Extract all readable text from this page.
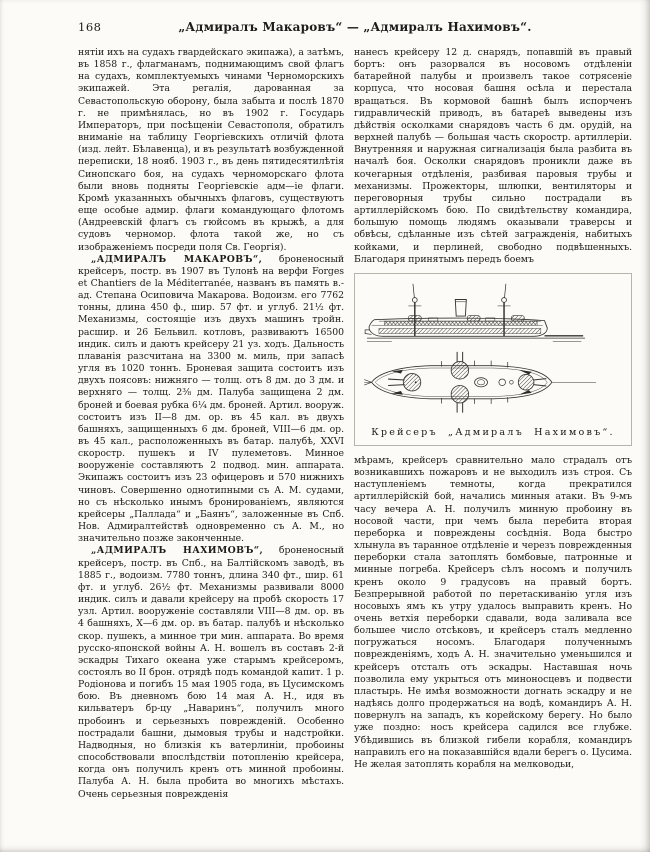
168	„Адмиралъ Макаровъ“ — „Адмиралъ Нахимовъ“.

нятіи ихъ на судахъ гвардейскаго экипажа), а затѣмъ, въ 1858 г., флагманамъ, поднимающимъ свой флагъ на судахъ, комплектуемыхъ чинами Черноморскихъ экипажей. Эта регалія, дарованная за Севастопольскую оборону, была забыта и послѣ 1870 г. не примѣнялась, но въ 1902 г. Государь Императоръ, при посѣщеніи Севастополя, обратилъ вниманіе на таблицу Георгіевскихъ отличій флота (изд. лейт. Бѣлавенца), и въ результатѣ возбужденной переписки, 18 нояб. 1903 г., въ день пятидесятилѣтія Синопскаго боя, на судахъ черноморскаго флота были вновь подняты Георгіевскіе адм—іе флаги. Кромѣ указанныхъ обычныхъ флаговъ, существуютъ еще особые адмир. флаги командующаго флотомъ (Андреевскій флагъ съ гюйсомъ въ крыжѣ, а для судовъ черномор. флота такой же, но съ изображеніемъ посреди поля Св. Георгія).

„АДМИРАЛЪ МАКАРОВЪ“, броненосный крейсеръ, постр. въ 1907 въ Тулонѣ на верфи Forges et Chantiers de la Méditerranée, названъ въ память в.-ад. Степана Осиповича Макарова. Водоизм. его 7762 тонны, длина 450 ф., шир. 57 фт. и углуб. 21½ фт. Механизмы, состоящіе изъ двухъ машинъ тройн. расшир. и 26 Бельвил. котловъ, развиваютъ 16500 индик. силъ и даютъ крейсеру 21 уз. ходъ. Дальность плаванія разсчитана на 3300 м. миль, при запасѣ угля въ 1020 тоннъ. Броневая защита состоитъ изъ двухъ поясовъ: нижняго — толщ. отъ 8 дм. до 3 дм. и верхняго — толщ. 2⅜ дм. Палуба защищена 2 дм. броней и боевая рубка 6¼ дм. броней. Артил. вооруж. состоитъ изъ II—8 дм. ор. въ 45 кал. въ двухъ башняхъ, защищенныхъ 6 дм. броней, VIII—6 дм. ор. въ 45 кал., расположенныхъ въ батар. палубѣ, XXVI скоростр. пушекъ и IV пулеметовъ. Минное вооруженіе составляютъ 2 подвод. мин. аппарата. Экипажъ состоитъ изъ 23 офицеровъ и 570 нижнихъ чиновъ. Совершенно однотипными съ А. М. судами, но съ нѣсколько инымъ бронированіемъ, являются крейсеры „Паллада“ и „Баянъ“, заложенные въ Спб. Нов. Адмиралтействѣ одновременно съ А. М., но значительно позже законченные.

„АДМИРАЛЪ НАХИМОВЪ“, броненосный крейсеръ, постр. въ Спб., на Балтійскомъ заводѣ, въ 1885 г., водоизм. 7780 тоннъ, длина 340 фт., шир. 61 фт. и углуб. 26½ фт. Механизмы развивали 8000 индик. силъ и давали крейсеру на пробѣ скорость 17 узл. Артил. вооруженіе составляли VIII—8 дм. ор. въ 4 башняхъ, X—6 дм. ор. въ батар. палубѣ и нѣсколько скор. пушекъ, а минное три мин. аппарата. Во время русско-японской войны А. Н. вошелъ въ составъ 2-й эскадры Тихаго океана уже старымъ крейсеромъ, состоялъ во II брон. отрядѣ подъ командой капит. 1 р. Родіонова и погибъ 15 мая 1905 года, въ Цусимскомъ бою. Въ дневномъ бою 14 мая А. Н., идя въ кильватеръ бр-цу „Наваринъ“, получилъ много пробоинъ и серьезныхъ поврежденій. Особенно пострадали башни, дымовыя трубы и надстройки. Надводныя, но близкія къ ватерлиніи, пробоины способствовали впослѣдствіи потопленію крейсера, когда онъ получилъ кренъ отъ минной пробоины. Палуба А. Н. была пробита во многихъ мѣстахъ. Очень серьезныя поврежденія

нанесъ крейсеру 12 д. снарядъ, попавшій въ правый бортъ: онъ разорвался въ носовомъ отдѣленіи батарейной палубы и произвелъ такое сотрясеніе корпуса, что носовая башня осѣла и перестала вращаться. Въ кормовой башнѣ былъ испорченъ гидравлическій приводъ, въ батареѣ выведены изъ дѣйствія осколками снарядовъ часть 6 дм. орудій, на верхней палубѣ — большая часть скоростр. артиллеріи. Внутренняя и наружная сигнализація была разбита въ началѣ боя. Осколки снарядовъ проникли даже въ кочегарныя отдѣленія, разбивая паровыя трубы и механизмы. Прожекторы, шлюпки, вентиляторы и переговорныя трубы сильно пострадали въ артиллерійскомъ бою. По свидѣтельству командира, большую помощь людямъ оказывали траверсы и обвѣсы, сдѣланные изъ сѣтей загражденія, набитыхъ койками, и перлиней, свободно подвѣшенныхъ. Благодаря принятымъ передъ боемъ

Крейсеръ „Адмиралъ Нахимовъ“.

мѣрамъ, крейсеръ сравнительно мало страдалъ отъ возникавшихъ пожаровъ и не выходилъ изъ строя. Съ наступленіемъ темноты, когда прекратился артиллерійскій бой, начались минныя атаки. Въ 9-мъ часу вечера А. Н. получилъ минную пробоину въ носовой части, при чемъ была перебита вторая переборка и повреждены сосѣднія. Вода быстро хлынула въ таранное отдѣленіе и черезъ поврежденныя переборки стала затоплять бомбовые, патронные и минные погреба. Крейсеръ сѣлъ носомъ и получилъ кренъ около 9 градусовъ на правый бортъ. Безпрерывной работой по перетаскиванію угля изъ носовыхъ ямъ къ утру удалось выправить кренъ. Но очень ветхія переборки сдавали, вода заливала все большее число отсѣковъ, и крейсеръ сталъ медленно погружаться носомъ. Благодаря полученнымъ поврежденіямъ, ходъ А. Н. значительно уменьшился и крейсеръ отсталъ отъ эскадры. Наставшая ночь позволила ему укрыться отъ миноносцевъ и подвести пластырь. Не имѣя возможности догнать эскадру и не надѣясь долго продержаться на водѣ, командиръ А. Н. повернулъ на западъ, къ корейскому берегу. Но было уже поздно: носъ крейсера садился все глубже. Убѣдившись въ близкой гибели корабля, командиръ направилъ его на показавшійся вдали берегъ о. Цусима. Не желая затоплять корабля на мелководьи,
